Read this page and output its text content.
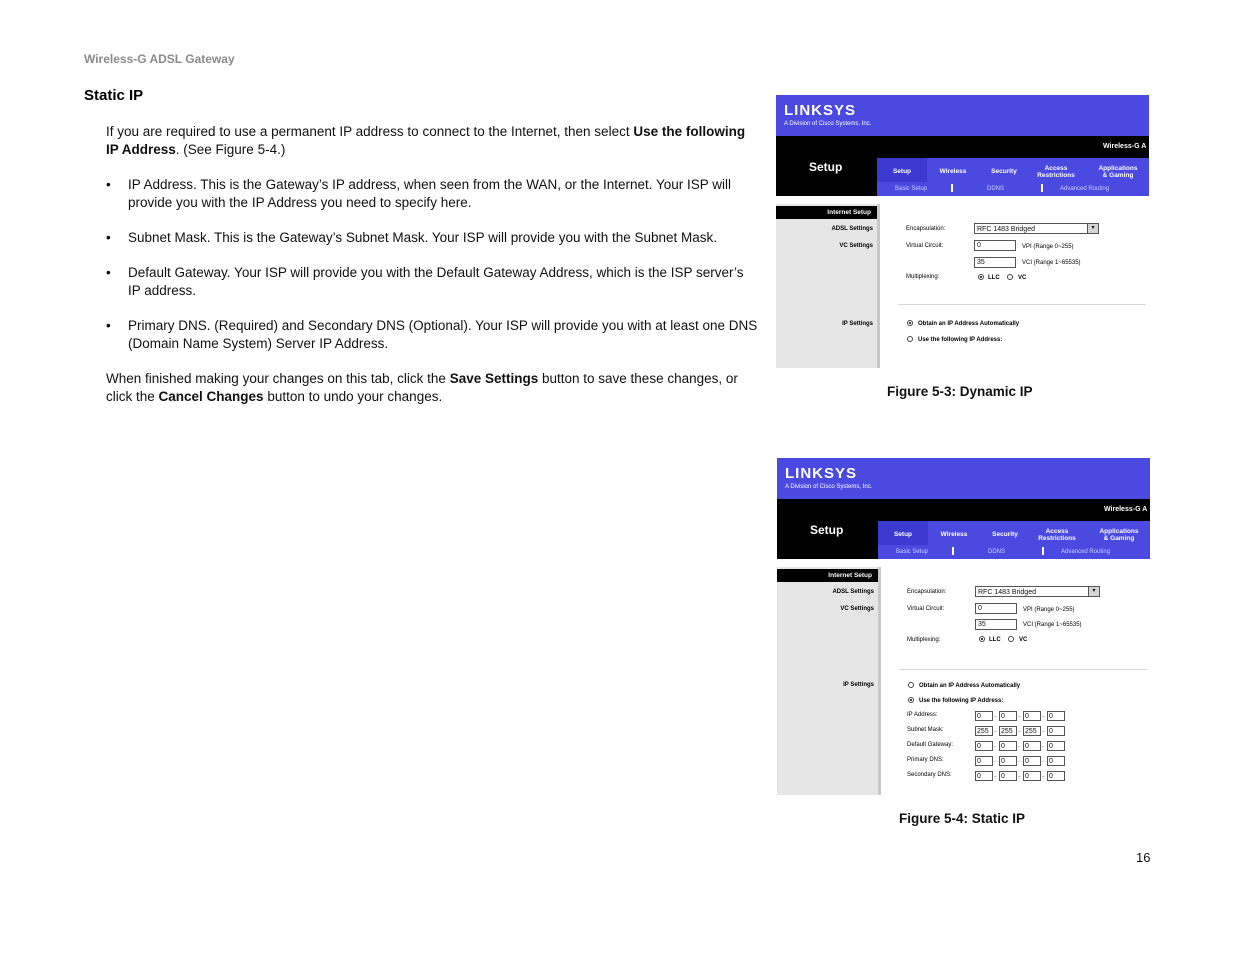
Wireless-G ADSL Gateway
Static IP
If you are required to use a permanent IP address to connect to the Internet, then select Use the following IP Address. (See Figure 5-4.)
• IP Address. This is the Gateway’s IP address, when seen from the WAN, or the Internet. Your ISP will provide you with the IP Address you need to specify here.
• Subnet Mask. This is the Gateway’s Subnet Mask. Your ISP will provide you with the Subnet Mask.
• Default Gateway. Your ISP will provide you with the Default Gateway Address, which is the ISP server’s IP address.
• Primary DNS. (Required) and Secondary DNS (Optional). Your ISP will provide you with at least one DNS (Domain Name System) Server IP Address.
When finished making your changes on this tab, click the Save Settings button to save these changes, or click the Cancel Changes button to undo your changes.
LINKSYS
A Division of Cisco Systems, Inc.
Setup
Wireless-G A
Setup	Wireless	Security	Access
Restrictions
Applications
& Gaming
Basic Setup	DDNS	Advanced Routing
Internet Setup
ADSL Settings
VC Settings
IP Settings
Encapsulation:	RFC 1483 Bridged	▾
Virtual Circuit:	0	VPI (Range 0~255)
35	VCI (Range 1~65535)
Multiplexing:	LLC	VC
Obtain an IP Address Automatically
Use the following IP Address:
Figure 5-3: Dynamic IP
LINKSYS
A Division of Cisco Systems, Inc.
Setup
Wireless-G A
Setup	Wireless	Security	Access
Restrictions
Applications
& Gaming
Basic Setup	DDNS	Advanced Routing
Internet Setup
ADSL Settings
VC Settings
IP Settings
Encapsulation:	RFC 1483 Bridged	▾
Virtual Circuit:	0	VPI (Range 0~255)
35	VCI (Range 1~65535)
Multiplexing:	LLC	VC
Obtain an IP Address Automatically
Use the following IP Address:
IP Address:	0	. 0	. 0	. 0
Subnet Mask:	255 . 255 . 255 . 0
Default Gateway:	0	. 0	. 0	. 0
Primary DNS:	0	. 0	. 0	. 0
Secondary DNS:	0	. 0	. 0	. 0
Figure 5-4: Static IP
16
